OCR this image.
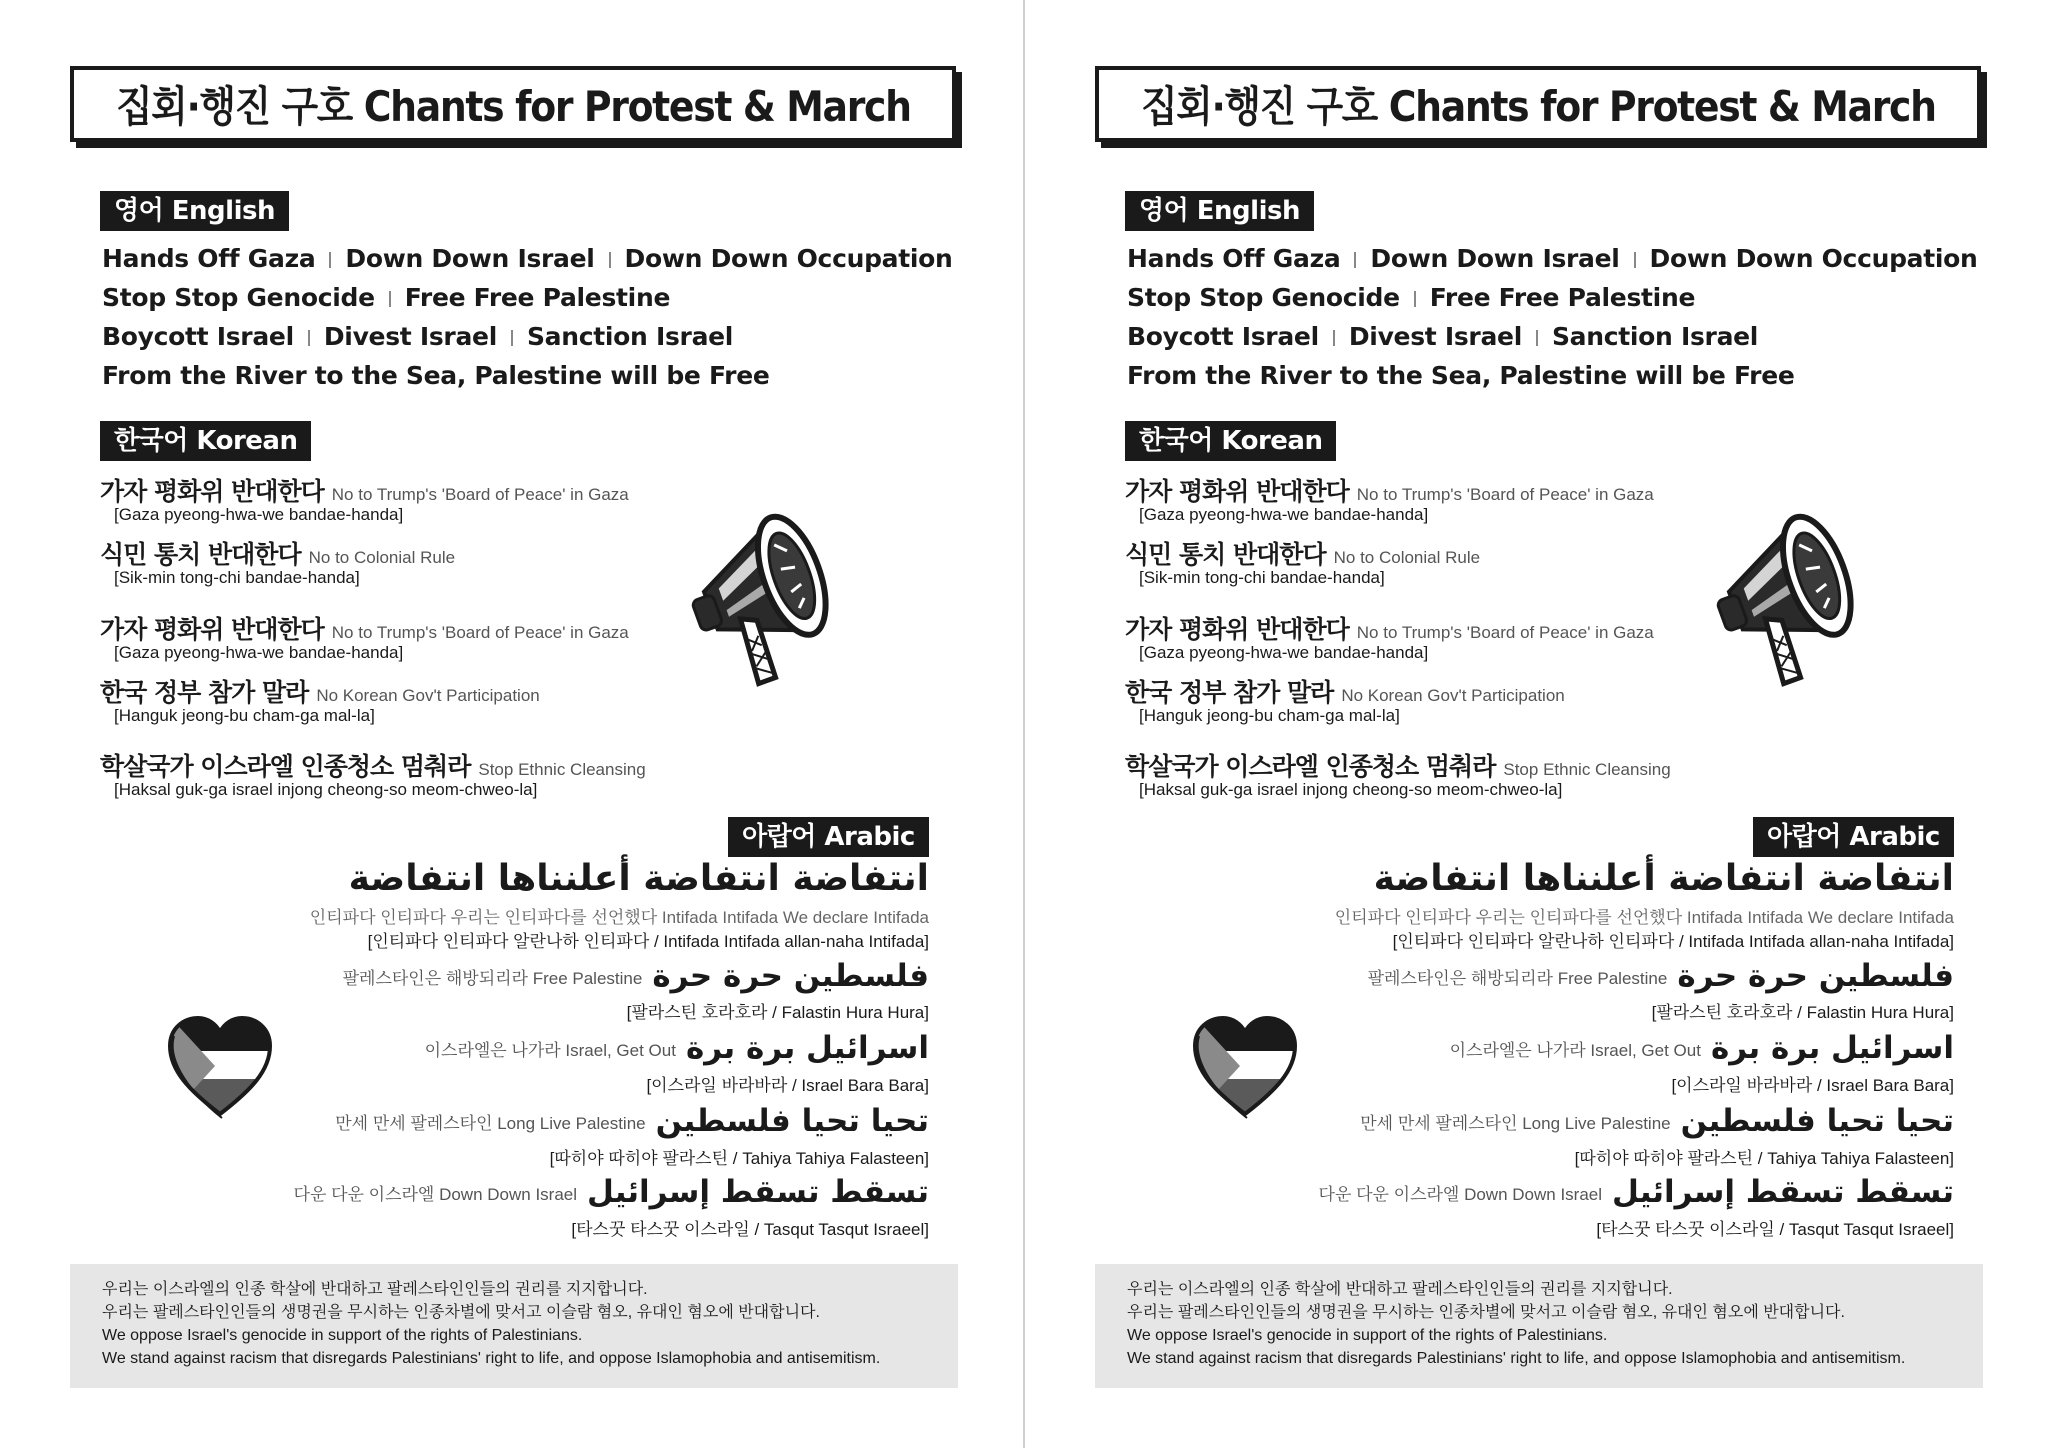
집회·행진 구호 Chants for Protest & March
영어 English
Hands Off Gaza Down Down Israel Down Down Occupation
Stop Stop Genocide Free Free Palestine
Boycott Israel Divest Israel Sanction Israel
From the River to the Sea, Palestine will be Free
한국어 Korean
가자 평화위 반대한다 No to Trump's 'Board of Peace' in Gaza
[Gaza pyeong-hwa-we bandae-handa]
식민 통치 반대한다 No to Colonial Rule
[Sik-min tong-chi bandae-handa]
가자 평화위 반대한다 No to Trump's 'Board of Peace' in Gaza
[Gaza pyeong-hwa-we bandae-handa]
한국 정부 참가 말라 No Korean Gov't Participation
[Hanguk jeong-bu cham-ga mal-la]
학살국가 이스라엘 인종청소 멈춰라 Stop Ethnic Cleansing
[Haksal guk-ga israel injong cheong-so meom-chweo-la]
아랍어 Arabic
انتفاضة انتفاضة أعلنناها انتفاضة
인티파다 인티파다 우리는 인티파다를 선언했다 Intifada Intifada We declare Intifada
[인티파다 인티파다 알란나하 인티파다 / Intifada Intifada allan-naha Intifada]
팔레스타인은 해방되리라 Free Palestine فلسطين حرة حرة
[팔라스틴 호라호라 / Falastin Hura Hura]
이스라엘은 나가라 Israel, Get Out اسرائيل برة برة
[이스라일 바라바라 / Israel Bara Bara]
만세 만세 팔레스타인 Long Live Palestine تحيا تحيا فلسطين
[따히야 따히야 팔라스틴 / Tahiya Tahiya Falasteen]
다운 다운 이스라엘 Down Down Israel تسقط تسقط إسرائيل
[타스꿋 타스꿋 이스라일 / Tasqut Tasqut Israeel]
우리는 이스라엘의 인종 학살에 반대하고 팔레스타인인들의 권리를 지지합니다.
우리는 팔레스타인인들의 생명권을 무시하는 인종차별에 맞서고 이슬람 혐오, 유대인 혐오에 반대합니다.
We oppose Israel's genocide in support of the rights of Palestinians.
We stand against racism that disregards Palestinians' right to life, and oppose Islamophobia and antisemitism.
집회·행진 구호 Chants for Protest & March
영어 English
Hands Off Gaza Down Down Israel Down Down Occupation
Stop Stop Genocide Free Free Palestine
Boycott Israel Divest Israel Sanction Israel
From the River to the Sea, Palestine will be Free
한국어 Korean
가자 평화위 반대한다 No to Trump's 'Board of Peace' in Gaza
[Gaza pyeong-hwa-we bandae-handa]
식민 통치 반대한다 No to Colonial Rule
[Sik-min tong-chi bandae-handa]
가자 평화위 반대한다 No to Trump's 'Board of Peace' in Gaza
[Gaza pyeong-hwa-we bandae-handa]
한국 정부 참가 말라 No Korean Gov't Participation
[Hanguk jeong-bu cham-ga mal-la]
학살국가 이스라엘 인종청소 멈춰라 Stop Ethnic Cleansing
[Haksal guk-ga israel injong cheong-so meom-chweo-la]
아랍어 Arabic
انتفاضة انتفاضة أعلنناها انتفاضة
인티파다 인티파다 우리는 인티파다를 선언했다 Intifada Intifada We declare Intifada
[인티파다 인티파다 알란나하 인티파다 / Intifada Intifada allan-naha Intifada]
팔레스타인은 해방되리라 Free Palestine فلسطين حرة حرة
[팔라스틴 호라호라 / Falastin Hura Hura]
이스라엘은 나가라 Israel, Get Out اسرائيل برة برة
[이스라일 바라바라 / Israel Bara Bara]
만세 만세 팔레스타인 Long Live Palestine تحيا تحيا فلسطين
[따히야 따히야 팔라스틴 / Tahiya Tahiya Falasteen]
다운 다운 이스라엘 Down Down Israel تسقط تسقط إسرائيل
[타스꿋 타스꿋 이스라일 / Tasqut Tasqut Israeel]
우리는 이스라엘의 인종 학살에 반대하고 팔레스타인인들의 권리를 지지합니다.
우리는 팔레스타인인들의 생명권을 무시하는 인종차별에 맞서고 이슬람 혐오, 유대인 혐오에 반대합니다.
We oppose Israel's genocide in support of the rights of Palestinians.
We stand against racism that disregards Palestinians' right to life, and oppose Islamophobia and antisemitism.
